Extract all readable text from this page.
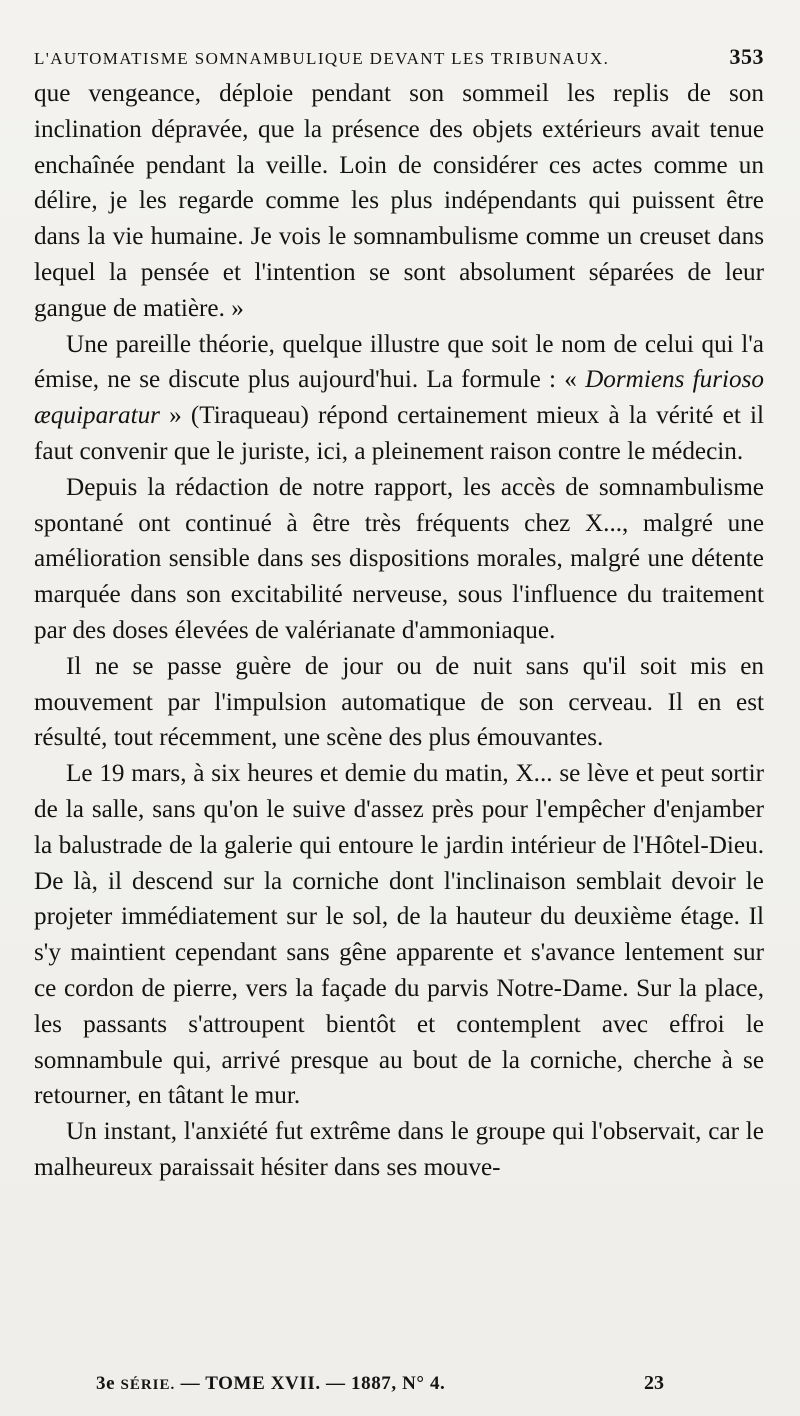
L'AUTOMATISME SOMNAMBULIQUE DEVANT LES TRIBUNAUX.	353

que vengeance, déploie pendant son sommeil les replis de son inclination dépravée, que la présence des objets extérieurs avait tenue enchaînée pendant la veille. Loin de considérer ces actes comme un délire, je les regarde comme les plus indépendants qui puissent être dans la vie humaine. Je vois le somnambulisme comme un creuset dans lequel la pensée et l'intention se sont absolument séparées de leur gangue de matière. »

Une pareille théorie, quelque illustre que soit le nom de celui qui l'a émise, ne se discute plus aujourd'hui. La formule : « Dormiens furioso æquiparatur » (Tiraqueau) répond certainement mieux à la vérité et il faut convenir que le juriste, ici, a pleinement raison contre le médecin.

Depuis la rédaction de notre rapport, les accès de somnambulisme spontané ont continué à être très fréquents chez X..., malgré une amélioration sensible dans ses dispositions morales, malgré une détente marquée dans son excitabilité nerveuse, sous l'influence du traitement par des doses élevées de valérianate d'ammoniaque.

Il ne se passe guère de jour ou de nuit sans qu'il soit mis en mouvement par l'impulsion automatique de son cerveau. Il en est résulté, tout récemment, une scène des plus émouvantes.

Le 19 mars, à six heures et demie du matin, X... se lève et peut sortir de la salle, sans qu'on le suive d'assez près pour l'empêcher d'enjamber la balustrade de la galerie qui entoure le jardin intérieur de l'Hôtel-Dieu. De là, il descend sur la corniche dont l'inclinaison semblait devoir le projeter immédiatement sur le sol, de la hauteur du deuxième étage. Il s'y maintient cependant sans gêne apparente et s'avance lentement sur ce cordon de pierre, vers la façade du parvis Notre-Dame. Sur la place, les passants s'attroupent bientôt et contemplent avec effroi le somnambule qui, arrivé presque au bout de la corniche, cherche à se retourner, en tâtant le mur.

Un instant, l'anxiété fut extrême dans le groupe qui l'observait, car le malheureux paraissait hésiter dans ses mouve-

3e SÉRIE. — TOME XVII. — 1887, N° 4.	23
